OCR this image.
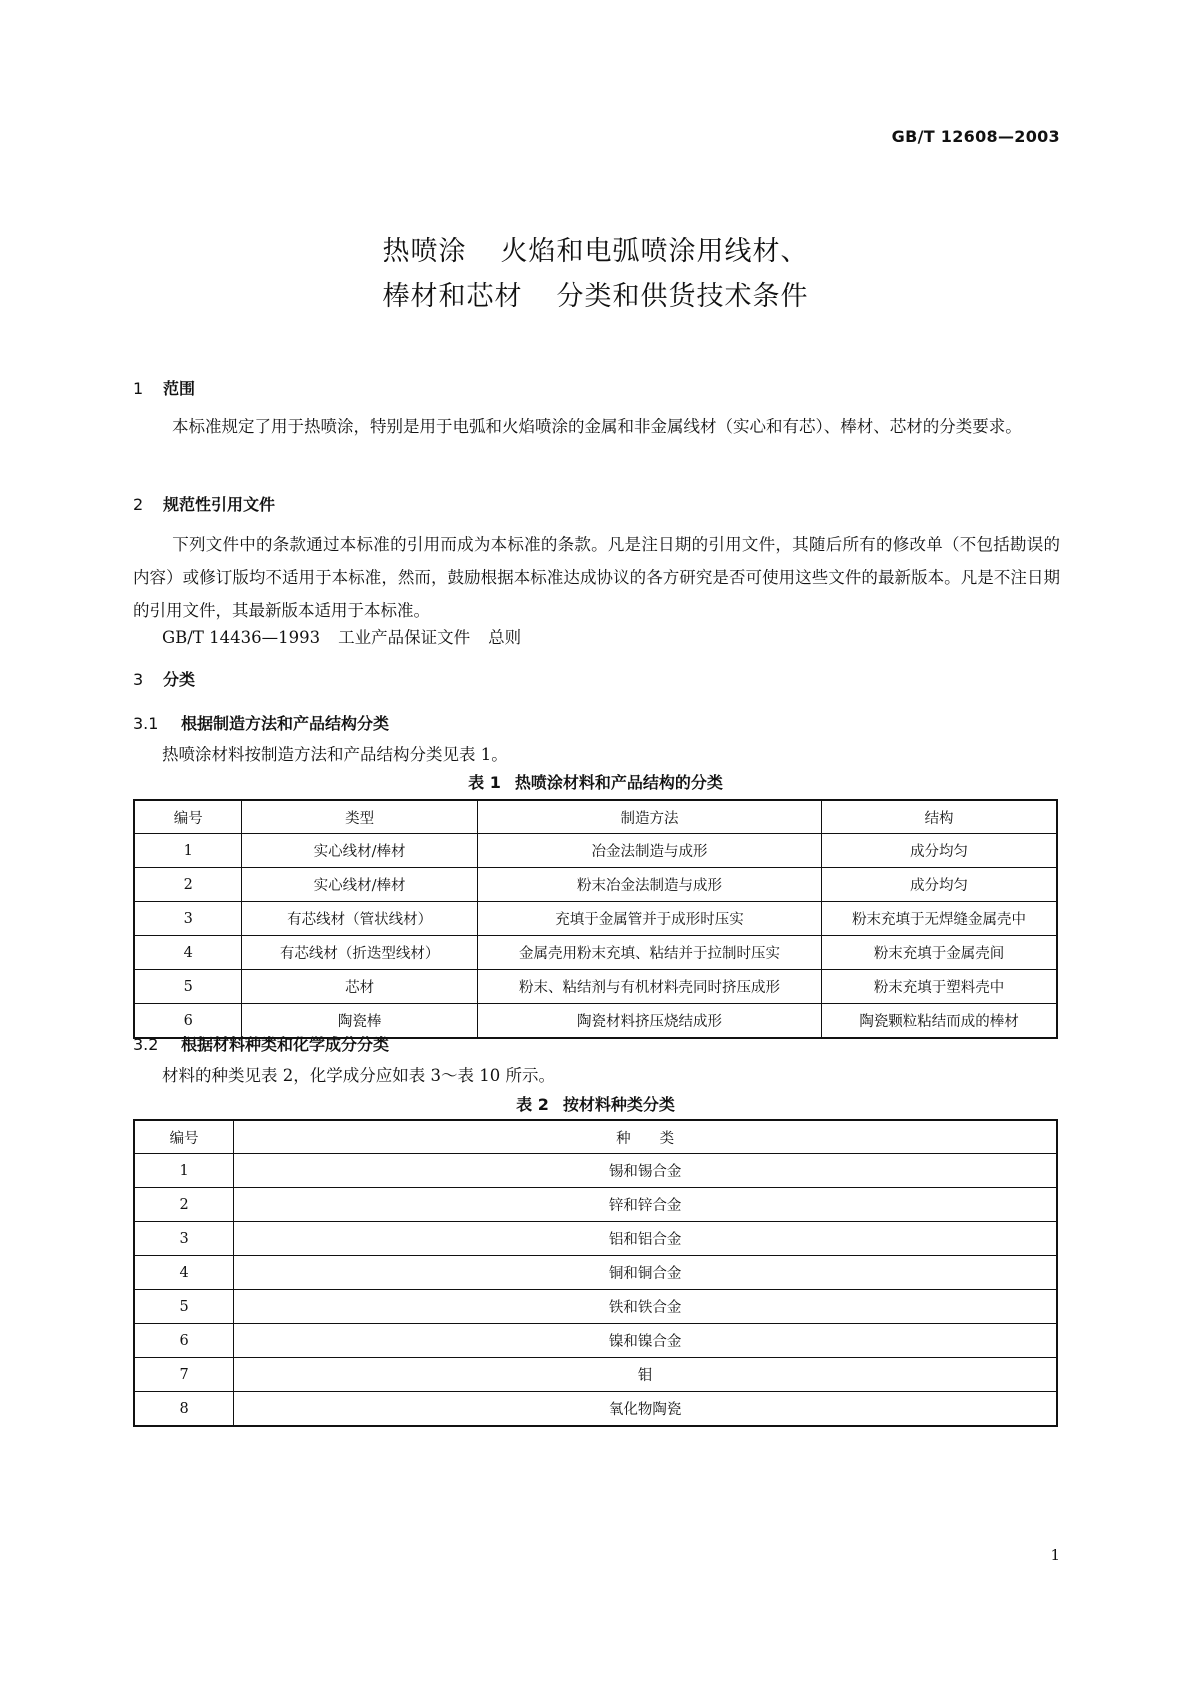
GB/T 12608—2003
热喷涂 火焰和电弧喷涂用线材、
棒材和芯材 分类和供货技术条件
1 范围
本标准规定了用于热喷涂，特别是用于电弧和火焰喷涂的金属和非金属线材（实心和有芯）、棒材、芯材的分类要求。
2 规范性引用文件
下列文件中的条款通过本标准的引用而成为本标准的条款。凡是注日期的引用文件，其随后所有的修改单（不包括勘误的内容）或修订版均不适用于本标准，然而，鼓励根据本标准达成协议的各方研究是否可使用这些文件的最新版本。凡是不注日期的引用文件，其最新版本适用于本标准。
GB/T 14436—1993 工业产品保证文件 总则
3 分类
3.1 根据制造方法和产品结构分类
热喷涂材料按制造方法和产品结构分类见表 1。
表 1 热喷涂材料和产品结构的分类
编号	类型	制造方法	结构
1	实心线材/棒材	冶金法制造与成形	成分均匀
2	实心线材/棒材	粉末冶金法制造与成形	成分均匀
3	有芯线材（管状线材）	充填于金属管并于成形时压实	粉末充填于无焊缝金属壳中
4	有芯线材（折迭型线材）	金属壳用粉末充填、粘结并于拉制时压实	粉末充填于金属壳间
5	芯材	粉末、粘结剂与有机材料壳同时挤压成形	粉末充填于塑料壳中
6	陶瓷棒	陶瓷材料挤压烧结成形	陶瓷颗粒粘结而成的棒材
3.2 根据材料种类和化学成分分类
材料的种类见表 2，化学成分应如表 3～表 10 所示。
表 2 按材料种类分类
编号	种　　类
1	锡和锡合金
2	锌和锌合金
3	铝和铝合金
4	铜和铜合金
5	铁和铁合金
6	镍和镍合金
7	钼
8	氧化物陶瓷
1
